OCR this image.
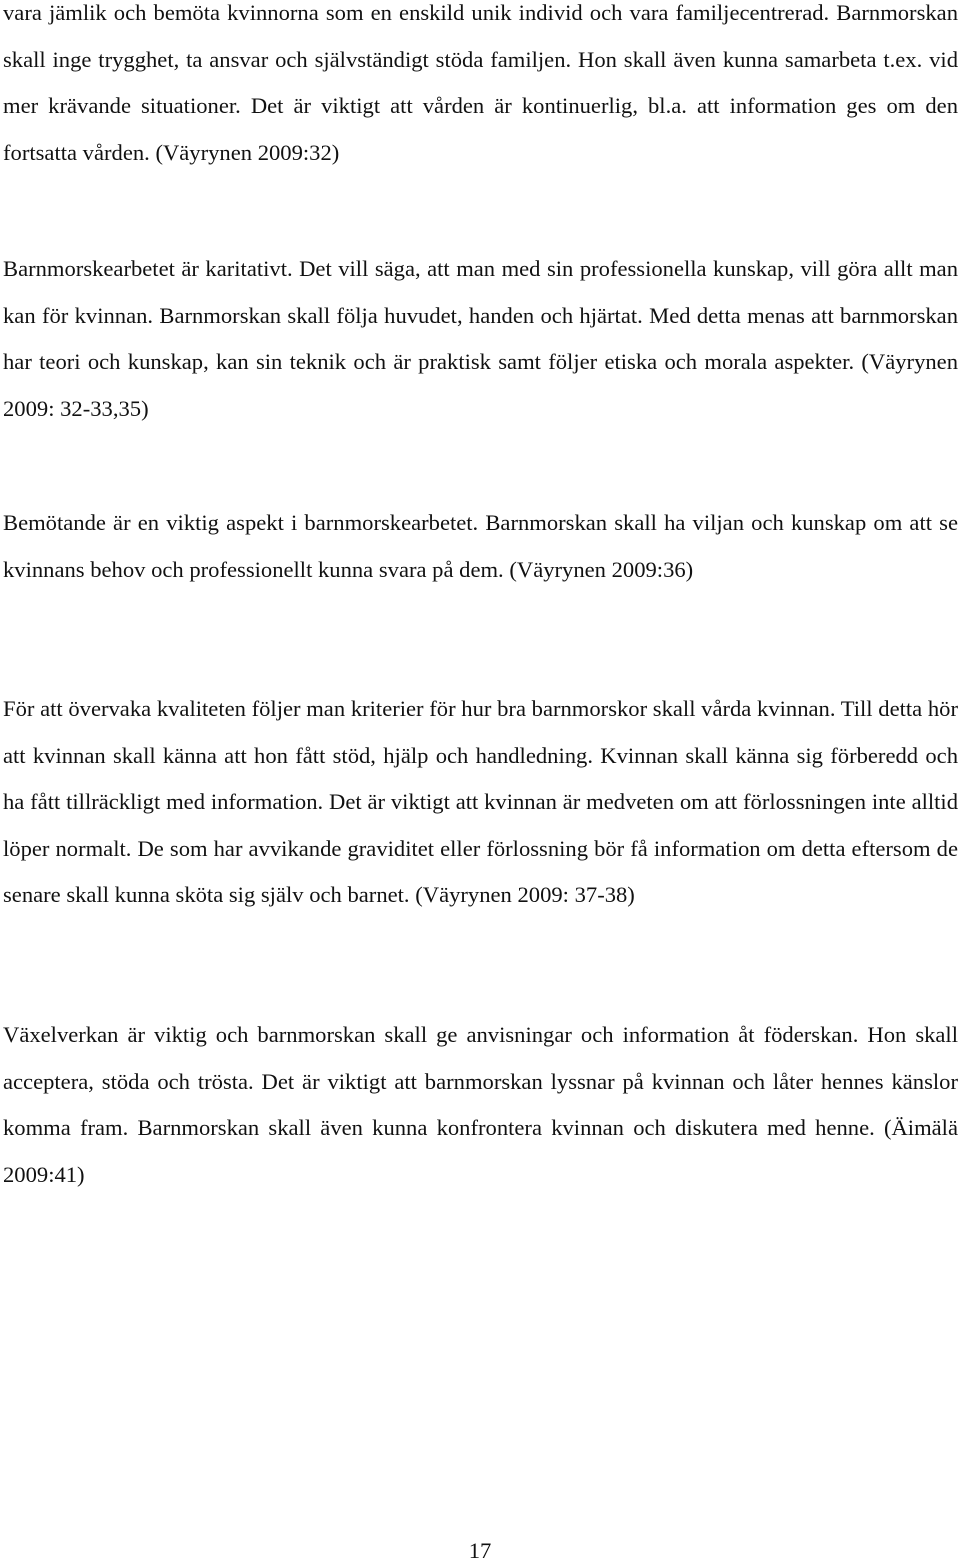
vara jämlik och bemöta kvinnorna som en enskild unik individ och vara familjecentrerad. Barnmorskan skall inge trygghet, ta ansvar och självständigt stöda familjen. Hon skall även kunna samarbeta t.ex. vid mer krävande situationer. Det är viktigt att vården är kontinuerlig, bl.a. att information ges om den fortsatta vården. (Väyrynen 2009:32)

Barnmorskearbetet är karitativt. Det vill säga, att man med sin professionella kunskap, vill göra allt man kan för kvinnan. Barnmorskan skall följa huvudet, handen och hjärtat. Med detta menas att barnmorskan har teori och kunskap, kan sin teknik och är praktisk samt följer etiska och morala aspekter. (Väyrynen 2009: 32-33,35)

Bemötande är en viktig aspekt i barnmorskearbetet. Barnmorskan skall ha viljan och kunskap om att se kvinnans behov och professionellt kunna svara på dem. (Väyrynen 2009:36)

För att övervaka kvaliteten följer man kriterier för hur bra barnmorskor skall vårda kvinnan. Till detta hör att kvinnan skall känna att hon fått stöd, hjälp och handledning. Kvinnan skall känna sig förberedd och ha fått tillräckligt med information. Det är viktigt att kvinnan är medveten om att förlossningen inte alltid löper normalt. De som har avvikande graviditet eller förlossning bör få information om detta eftersom de senare skall kunna sköta sig själv och barnet. (Väyrynen 2009: 37-38)

Växelverkan är viktig och barnmorskan skall ge anvisningar och information åt föderskan. Hon skall acceptera, stöda och trösta. Det är viktigt att barnmorskan lyssnar på kvinnan och låter hennes känslor komma fram. Barnmorskan skall även kunna konfrontera kvinnan och diskutera med henne. (Äimälä 2009:41)

17
